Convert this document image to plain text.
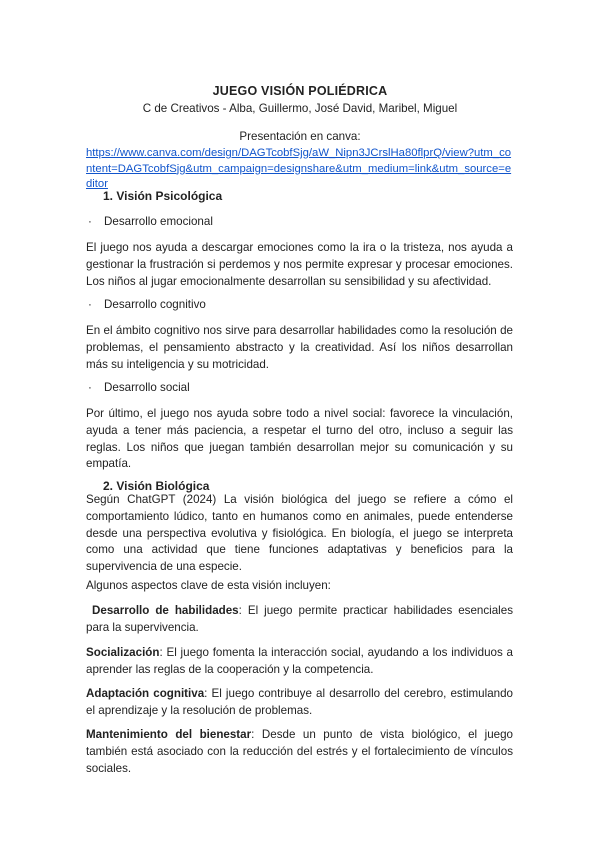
JUEGO VISIÓN POLIÉDRICA
C de Creativos - Alba, Guillermo, José David, Maribel, Miguel
Presentación en canva:

https://www.canva.com/design/DAGTcobfSjg/aW_Nipn3JCrslHa80flprQ/view?utm_content=DAGTcobfSjg&utm_campaign=designshare&utm_medium=link&utm_source=editor

1. Visión Psicológica
· Desarrollo emocional

El juego nos ayuda a descargar emociones como la ira o la tristeza, nos ayuda a gestionar la frustración si perdemos y nos permite expresar y procesar emociones. Los niños al jugar emocionalmente desarrollan su sensibilidad y su afectividad.

· Desarrollo cognitivo

En el ámbito cognitivo nos sirve para desarrollar habilidades como la resolución de problemas, el pensamiento abstracto y la creatividad. Así los niños desarrollan más su inteligencia y su motricidad.

· Desarrollo social

Por último, el juego nos ayuda sobre todo a nivel social: favorece la vinculación, ayuda a tener más paciencia, a respetar el turno del otro, incluso a seguir las reglas. Los niños que juegan también desarrollan mejor su comunicación y su empatía.

2. Visión Biológica

Según ChatGPT (2024) La visión biológica del juego se refiere a cómo el comportamiento lúdico, tanto en humanos como en animales, puede entenderse desde una perspectiva evolutiva y fisiológica. En biología, el juego se interpreta como una actividad que tiene funciones adaptativas y beneficios para la supervivencia de una especie.

Algunos aspectos clave de esta visión incluyen:

Desarrollo de habilidades: El juego permite practicar habilidades esenciales para la supervivencia.

Socialización: El juego fomenta la interacción social, ayudando a los individuos a aprender las reglas de la cooperación y la competencia.

Adaptación cognitiva: El juego contribuye al desarrollo del cerebro, estimulando el aprendizaje y la resolución de problemas.

Mantenimiento del bienestar: Desde un punto de vista biológico, el juego también está asociado con la reducción del estrés y el fortalecimiento de vínculos sociales.
